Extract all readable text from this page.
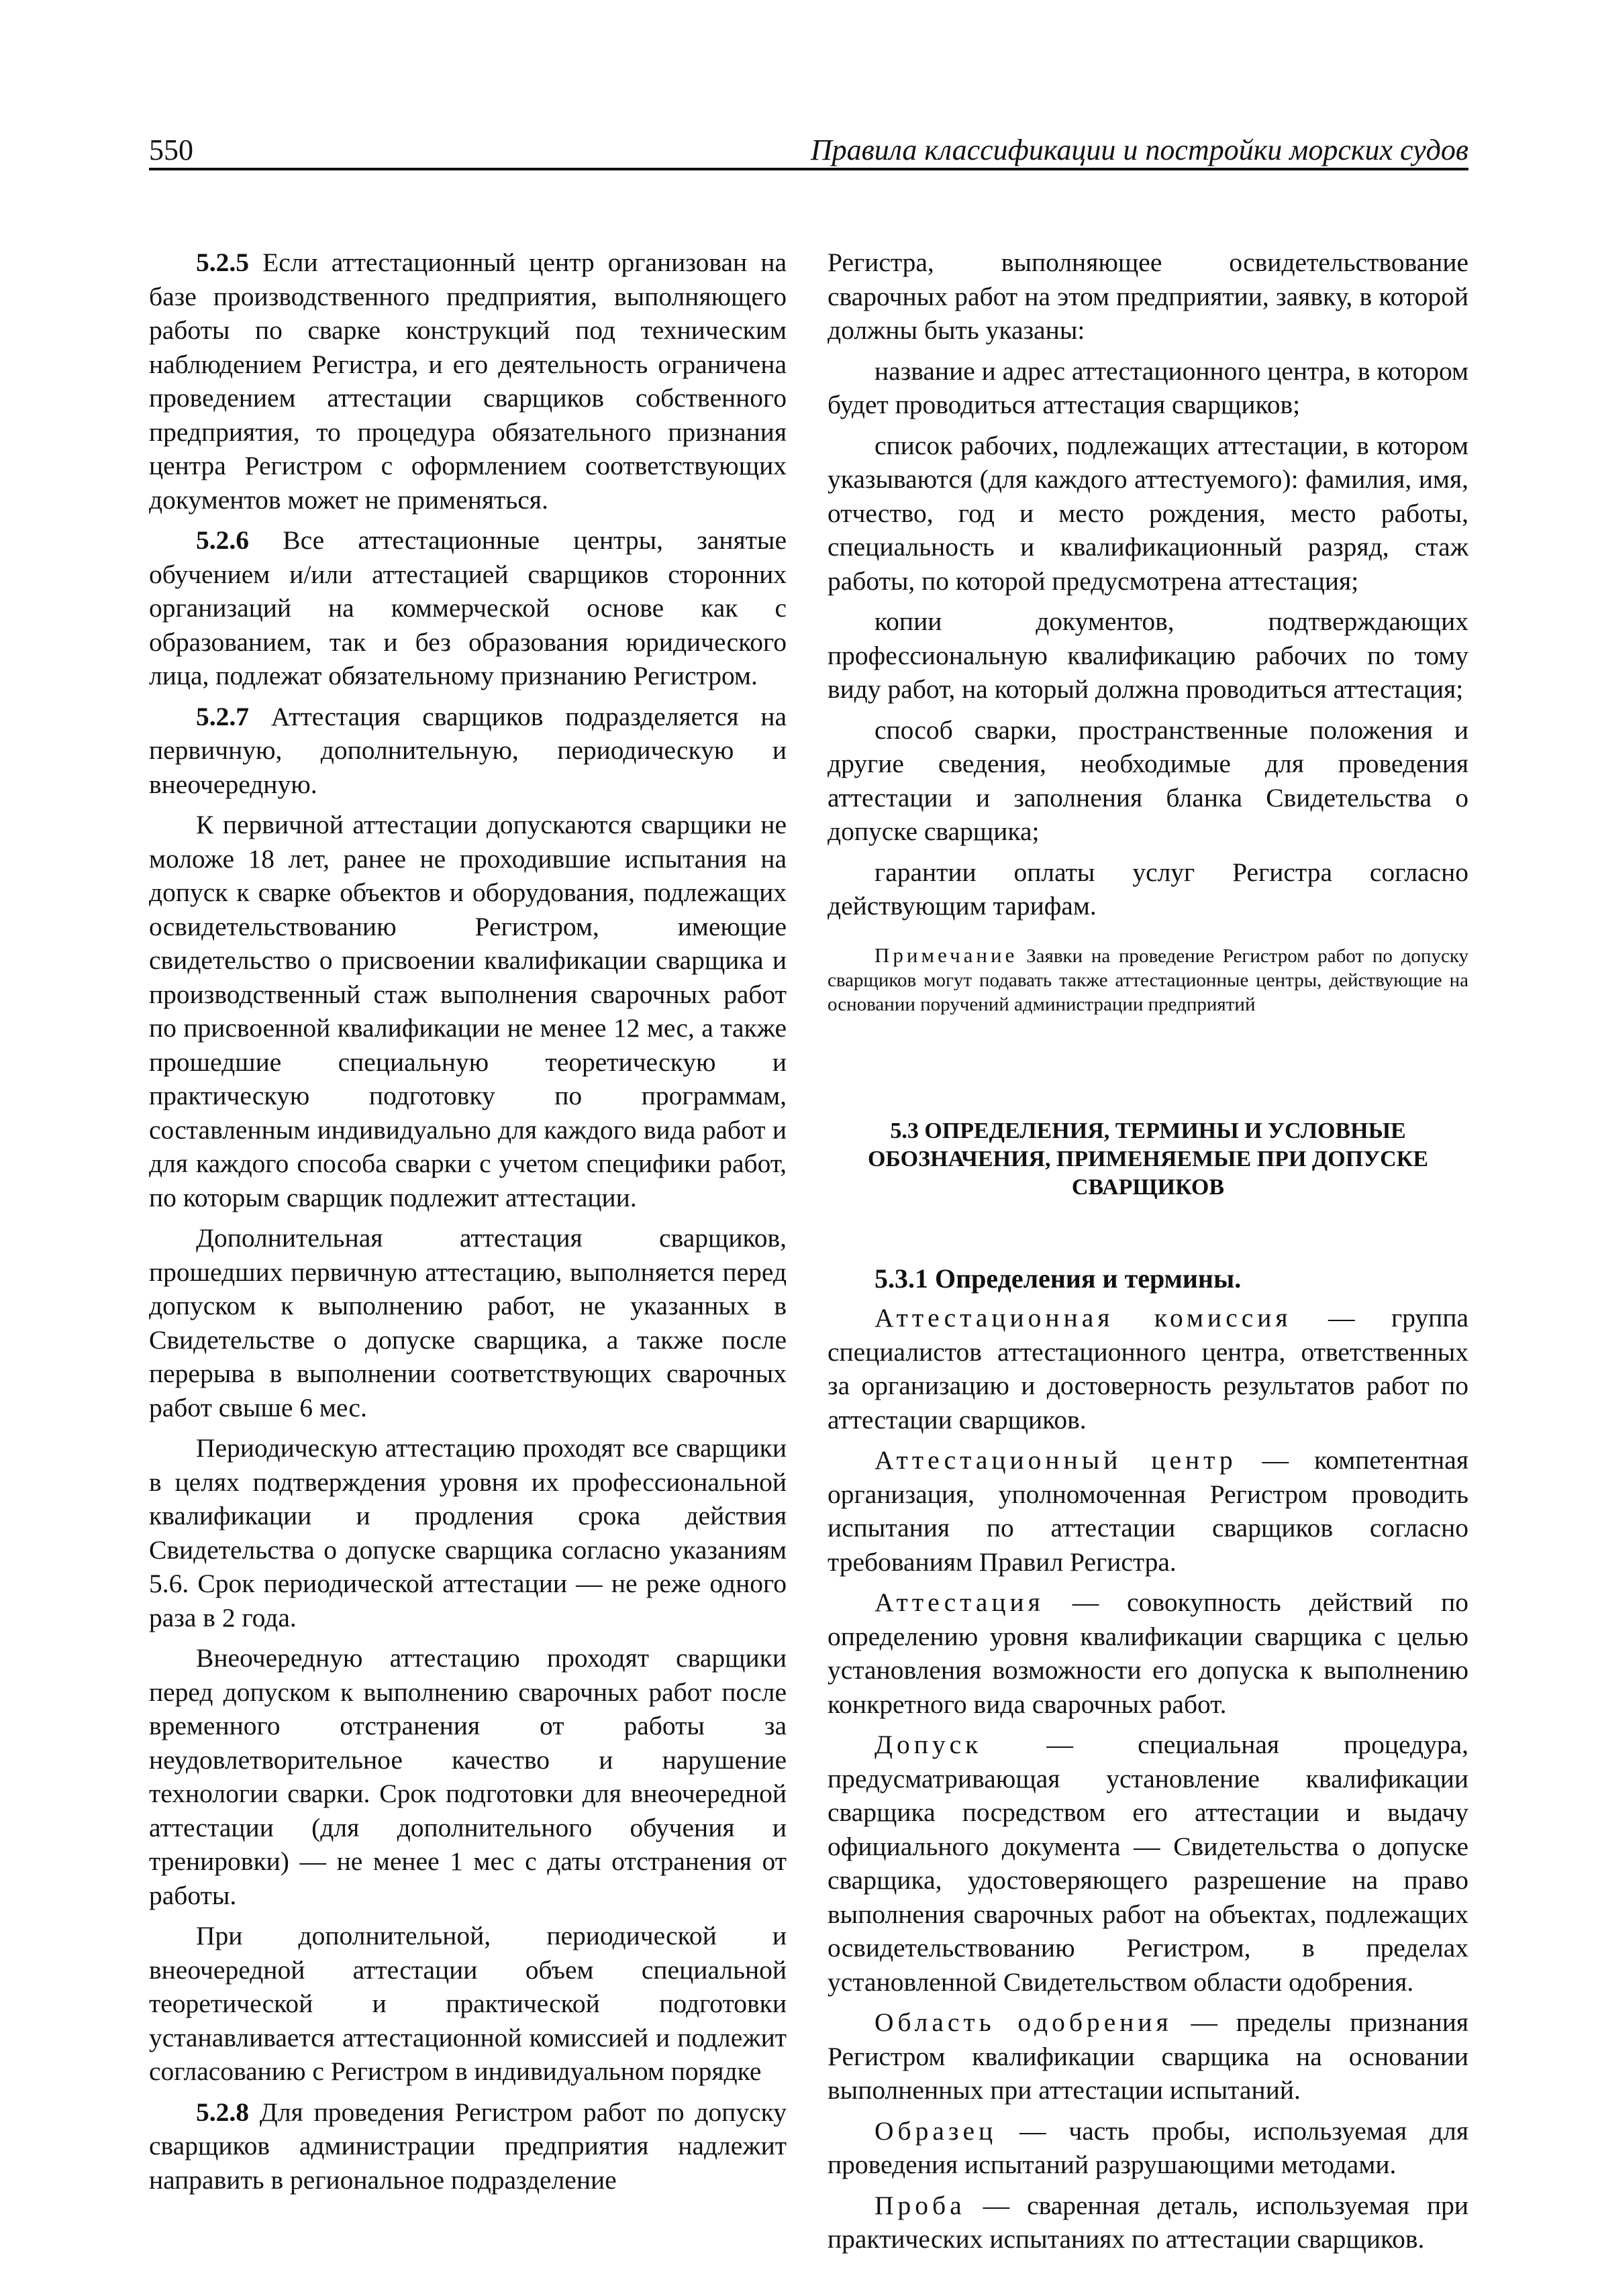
550	Правила классификации и постройки морских судов

5.2.5 Если аттестационный центр организован на базе производственного предприятия, выполняющего работы по сварке конструкций под техническим наблюдением Регистра, и его деятельность ограничена проведением аттестации сварщиков собственного предприятия, то процедура обязательного признания центра Регистром с оформлением соответствующих документов может не применяться.

5.2.6 Все аттестационные центры, занятые обучением и/или аттестацией сварщиков сторонних организаций на коммерческой основе как с образованием, так и без образования юридического лица, подлежат обязательному признанию Регистром.

5.2.7 Аттестация сварщиков подразделяется на первичную, дополнительную, периодическую и внеочередную.

К первичной аттестации допускаются сварщики не моложе 18 лет, ранее не проходившие испытания на допуск к сварке объектов и оборудования, подлежащих освидетельствованию Регистром, имеющие свидетельство о присвоении квалификации сварщика и производственный стаж выполнения сварочных работ по присвоенной квалификации не менее 12 мес, а также прошедшие специальную теоретическую и практическую подготовку по программам, составленным индивидуально для каждого вида работ и для каждого способа сварки с учетом специфики работ, по которым сварщик подлежит аттестации.

Дополнительная аттестация сварщиков, прошедших первичную аттестацию, выполняется перед допуском к выполнению работ, не указанных в Свидетельстве о допуске сварщика, а также после перерыва в выполнении соответствующих сварочных работ свыше 6 мес.

Периодическую аттестацию проходят все сварщики в целях подтверждения уровня их профессиональной квалификации и продления срока действия Свидетельства о допуске сварщика согласно указаниям 5.6. Срок периодической аттестации — не реже одного раза в 2 года.

Внеочередную аттестацию проходят сварщики перед допуском к выполнению сварочных работ после временного отстранения от работы за неудовлетворительное качество и нарушение технологии сварки. Срок подготовки для внеочередной аттестации (для дополнительного обучения и тренировки) — не менее 1 мес с даты отстранения от работы.

При дополнительной, периодической и внеочередной аттестации объем специальной теоретической и практической подготовки устанавливается аттестационной комиссией и подлежит согласованию с Регистром в индивидуальном порядке

5.2.8 Для проведения Регистром работ по допуску сварщиков администрации предприятия надлежит направить в региональное подразделение

Регистра, выполняющее освидетельствование сварочных работ на этом предприятии, заявку, в которой должны быть указаны:

название и адрес аттестационного центра, в котором будет проводиться аттестация сварщиков;

список рабочих, подлежащих аттестации, в котором указываются (для каждого аттестуемого): фамилия, имя, отчество, год и место рождения, место работы, специальность и квалификационный разряд, стаж работы, по которой предусмотрена аттестация;

копии документов, подтверждающих профессиональную квалификацию рабочих по тому виду работ, на который должна проводиться аттестация;

способ сварки, пространственные положения и другие сведения, необходимые для проведения аттестации и заполнения бланка Свидетельства о допуске сварщика;

гарантии оплаты услуг Регистра согласно действующим тарифам.

Примечание Заявки на проведение Регистром работ по допуску сварщиков могут подавать также аттестационные центры, действующие на основании поручений администрации предприятий
5.3 ОПРЕДЕЛЕНИЯ, ТЕРМИНЫ И УСЛОВНЫЕ ОБОЗНАЧЕНИЯ, ПРИМЕНЯЕМЫЕ ПРИ ДОПУСКЕ СВАРЩИКОВ
5.3.1 Определения и термины.

Аттестационная комиссия — группа специалистов аттестационного центра, ответственных за организацию и достоверность результатов работ по аттестации сварщиков.

Аттестационный центр — компетентная организация, уполномоченная Регистром проводить испытания по аттестации сварщиков согласно требованиям Правил Регистра.

Аттестация — совокупность действий по определению уровня квалификации сварщика с целью установления возможности его допуска к выполнению конкретного вида сварочных работ.

Допуск — специальная процедура, предусматривающая установление квалификации сварщика посредством его аттестации и выдачу официального документа — Свидетельства о допуске сварщика, удостоверяющего разрешение на право выполнения сварочных работ на объектах, подлежащих освидетельствованию Регистром, в пределах установленной Свидетельством области одобрения.

Область одобрения — пределы признания Регистром квалификации сварщика на основании выполненных при аттестации испытаний.

Образец — часть пробы, используемая для проведения испытаний разрушающими методами.

Проба — сваренная деталь, используемая при практических испытаниях по аттестации сварщиков.
